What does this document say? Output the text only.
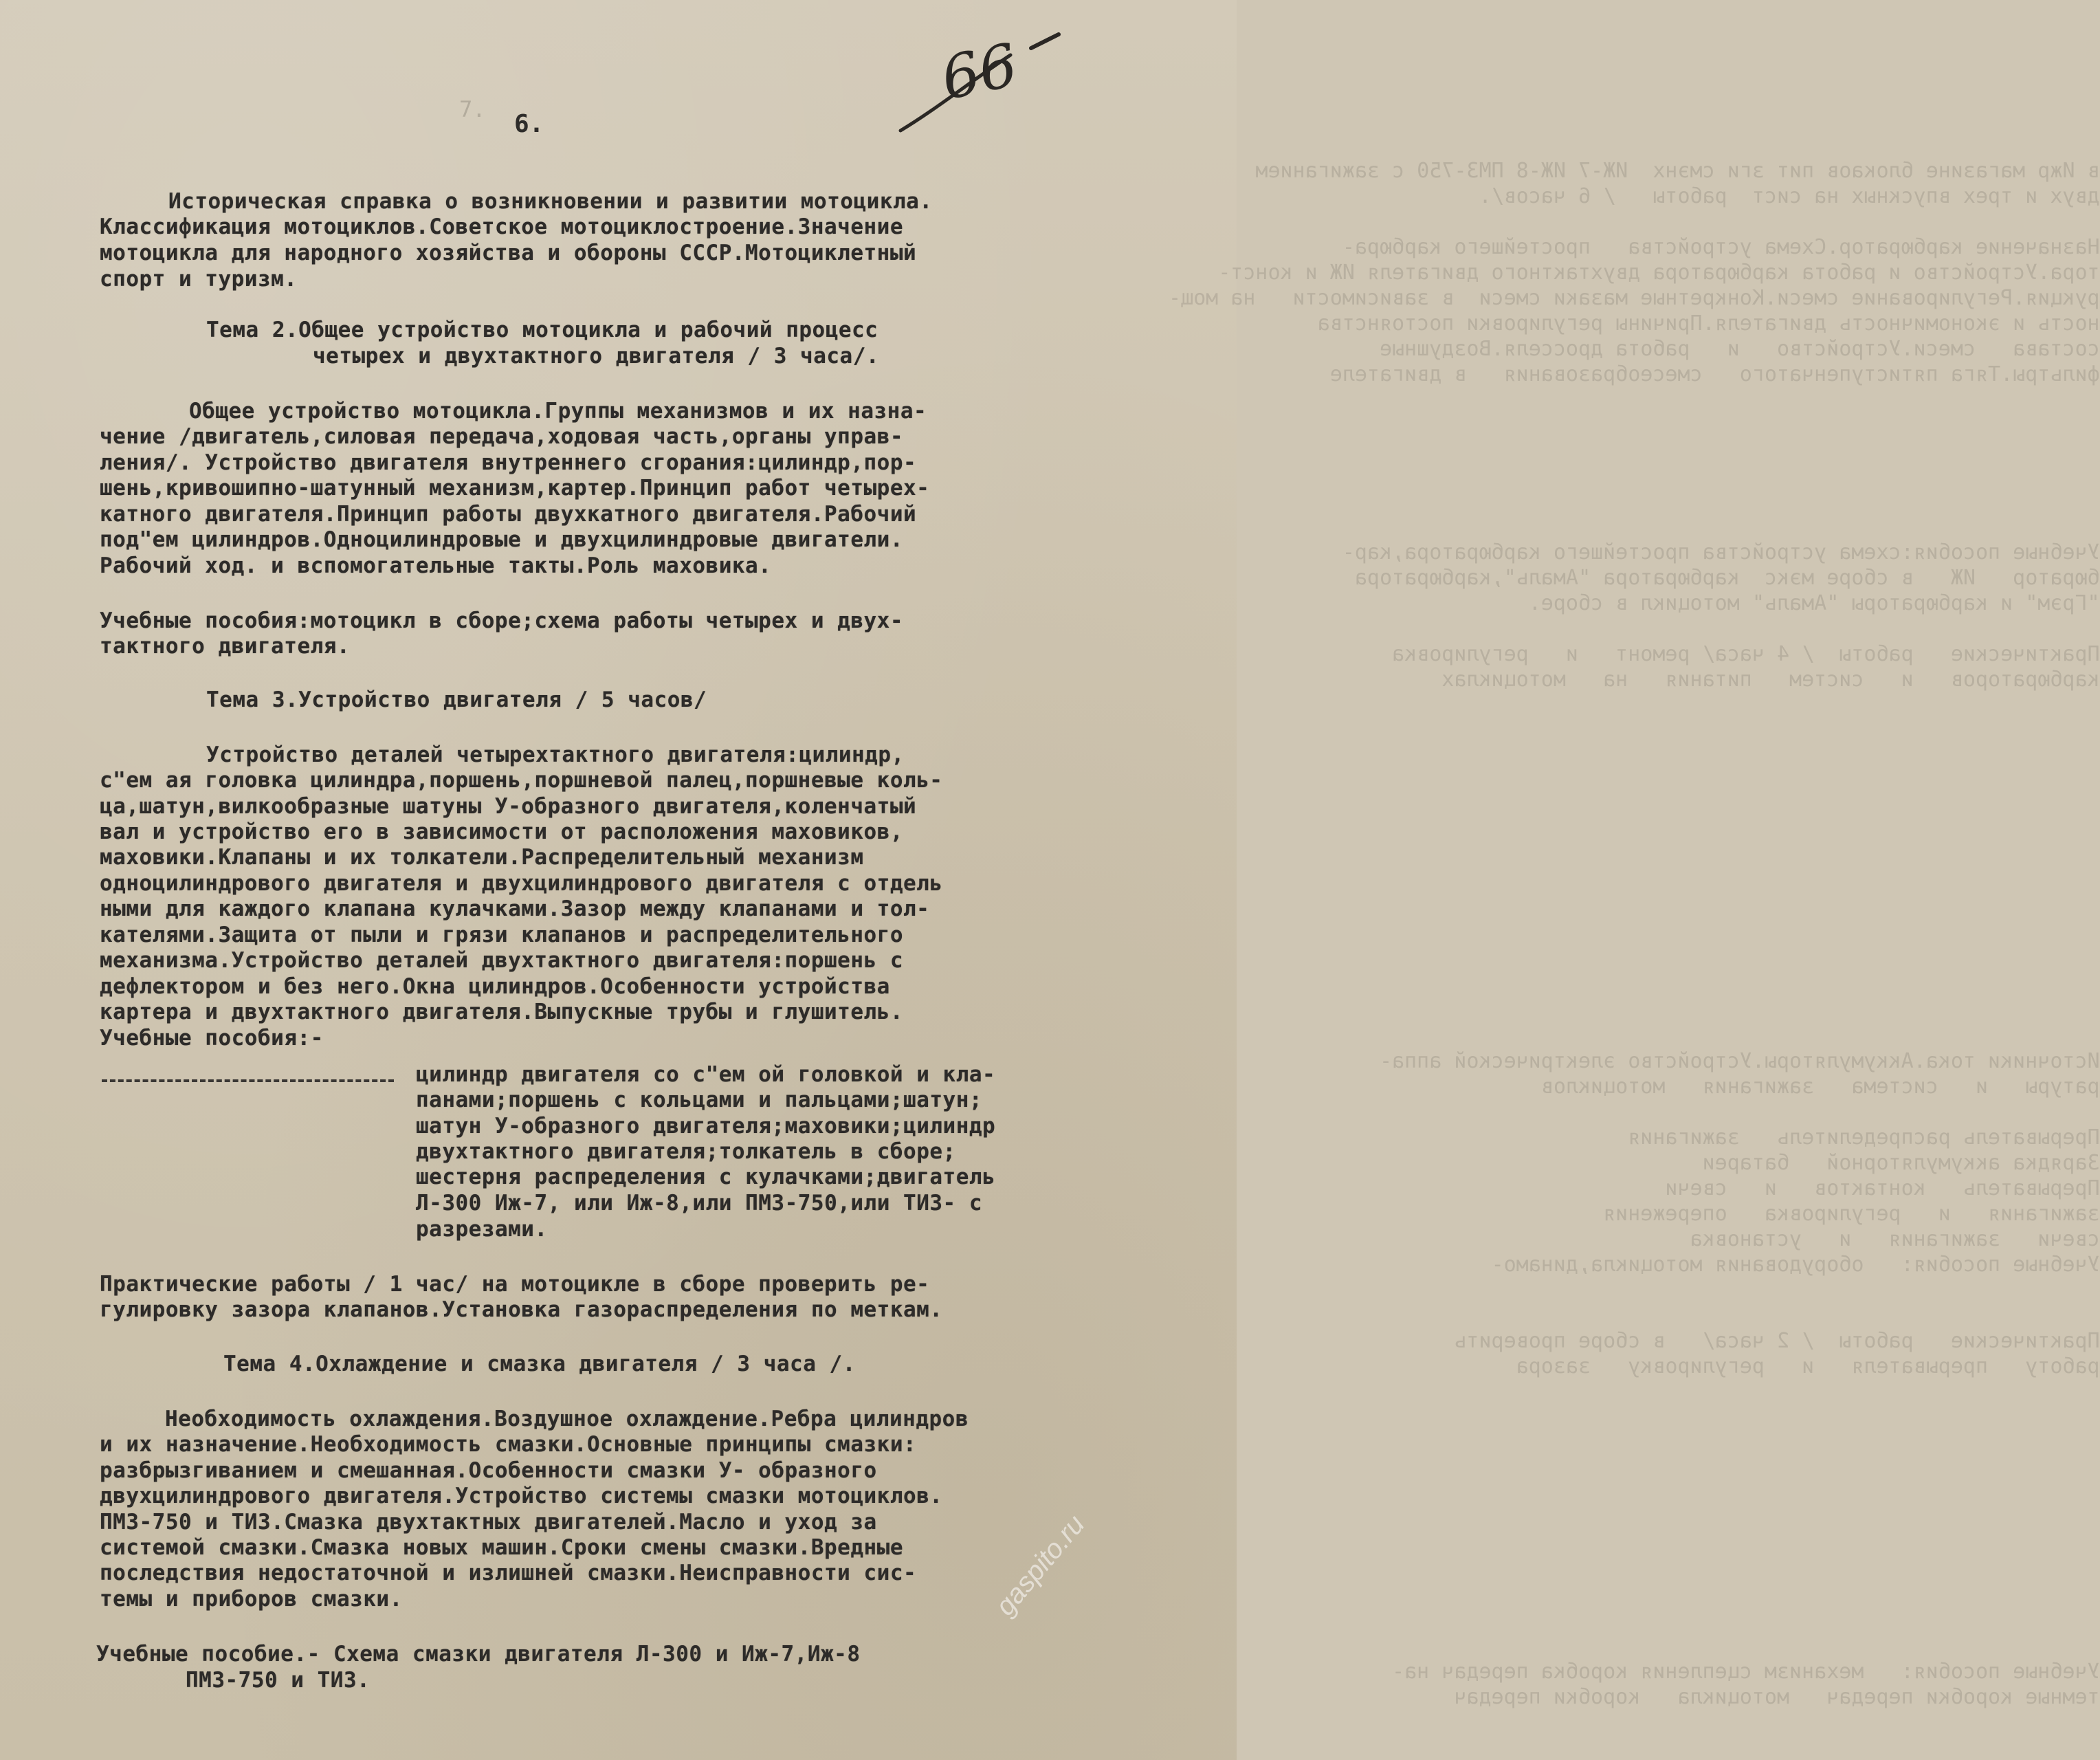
в Ижр магазине блокаов пит зги смэнх  ИЖ-7 ИЖ-8 ПМЗ-750 с зажиганием
двух и трех впускных на сист  работы   / 6 часов/.

Назначение карбюратор.Схема устройства   простейшего карбюра-
тора.Устройство и работа карбюратора двухтактного двигателя ИЖ и конст-
рукция.Регулирование смеси.Конкретные мазаки смеси  в зависимости   на мощ-
ность и экономичность двигателя.Причины регулировки постоянства
состава   смеси.Устройство   и   работа дросселя.Воздушные
фильтры.Тяга пятиступенчатого   смесеобразования   в двигателе

Учебные пособия:схема устройства простейшего карбюратора,кар-
бюратор   ИЖ   в сборе мэкс  карбюратора "Амаль",карбюратора
"Грэм" и карбюраторы "Амаль" мотоцикл в сборе.

Практические   работы  / 4 часа/ ремонт   и   регулировка
карбюраторов   и   систем   питания   на   мотоциклах

Источники тока.Аккумуляторы.Устройство электрической аппа-
ратуры   и   система   зажигания   мотоциклов

Прерыватель распределитель   зажигания
Зарядка аккумуляторной   батареи
Прерыватель   контактов   и   свечи
зажигания   и   регулировка   опережения
свечи   зажигания   и   установка
Учебные пособия:   оборудования мотоцикла,динамо-

Практические   работы  / 2 часа/   в сборе проверить
работу   прерывателя   и   регулировку   зазора

Учебные пособия:   механизм сцепления коробка передач на-
темные коробки передач   мотоцикла   коробки передач
7.	66
6.
Историческая справка о возникновении и развитии мотоцикла.
Классификация мотоциклов.Советское мотоциклостроение.Значение
мотоцикла для народного хозяйства и обороны СССР.Мотоциклетный
спорт и туризм.
Тема 2.Общее устройство мотоцикла и рабочий процесс
четырех и двухтактного двигателя / 3 часа/.
Общее устройство мотоцикла.Группы механизмов и их назна-
чение /двигатель,силовая передача,ходовая часть,органы управ-
ления/. Устройство двигателя внутреннего сгорания:цилиндр,пор-
шень,кривошипно-шатунный механизм,картер.Принцип работ четырех-
катного двигателя.Принцип работы двухкатного двигателя.Рабочий
под"ем цилиндров.Одноцилиндровые и двухцилиндровые двигатели.
Рабочий ход. и вспомогательные такты.Роль маховика.
Учебные пособия:мотоцикл в сборе;схема работы четырех и двух-
тактного двигателя.
Тема 3.Устройство двигателя / 5 часов/
Устройство деталей четырехтактного двигателя:цилиндр,
с"ем ая головка цилиндра,поршень,поршневой палец,поршневые коль-
ца,шатун,вилкообразные шатуны У-образного двигателя,коленчатый
вал и устройство его в зависимости от расположения маховиков,
маховики.Клапаны и их толкатели.Распределительный механизм
одноцилиндрового двигателя и двухцилиндрового двигателя с отдель
ными для каждого клапана кулачками.Зазор между клапанами и тол-
кателями.Защита от пыли и грязи клапанов и распределительного
механизма.Устройство деталей двухтактного двигателя:поршень с
дефлектором и без него.Окна цилиндров.Особенности устройства
картера и двухтактного двигателя.Выпускные трубы и глушитель.
Учебные пособия:-
цилиндр двигателя со с"ем ой головкой и кла-
панами;поршень с кольцами и пальцами;шатун;
шатун У-образного двигателя;маховики;цилиндр
двухтактного двигателя;толкатель в сборе;
шестерня распределения с кулачками;двигатель
Л-300 Иж-7, или Иж-8,или ПМЗ-750,или ТИЗ- с
разрезами.
Практические работы / 1 час/ на мотоцикле в сборе проверить ре-
гулировку зазора клапанов.Установка газораспределения по меткам.
Тема 4.Охлаждение и смазка двигателя / 3 часа /.
Необходимость охлаждения.Воздушное охлаждение.Ребра цилиндров
и их назначение.Необходимость смазки.Основные принципы смазки:
разбрызгиванием и смешанная.Особенности смазки У- образного
двухцилиндрового двигателя.Устройство системы смазки мотоциклов.
ПМЗ-750 и ТИЗ.Смазка двухтактных двигателей.Масло и уход за
системой смазки.Смазка новых машин.Сроки смены смазки.Вредные
последствия недостаточной и излишней смазки.Неисправности сис-
темы и приборов смазки.
Учебные пособие.- Схема смазки двигателя Л-300 и Иж-7,Иж-8
ПМЗ-750 и ТИЗ.
gaspito.ru
